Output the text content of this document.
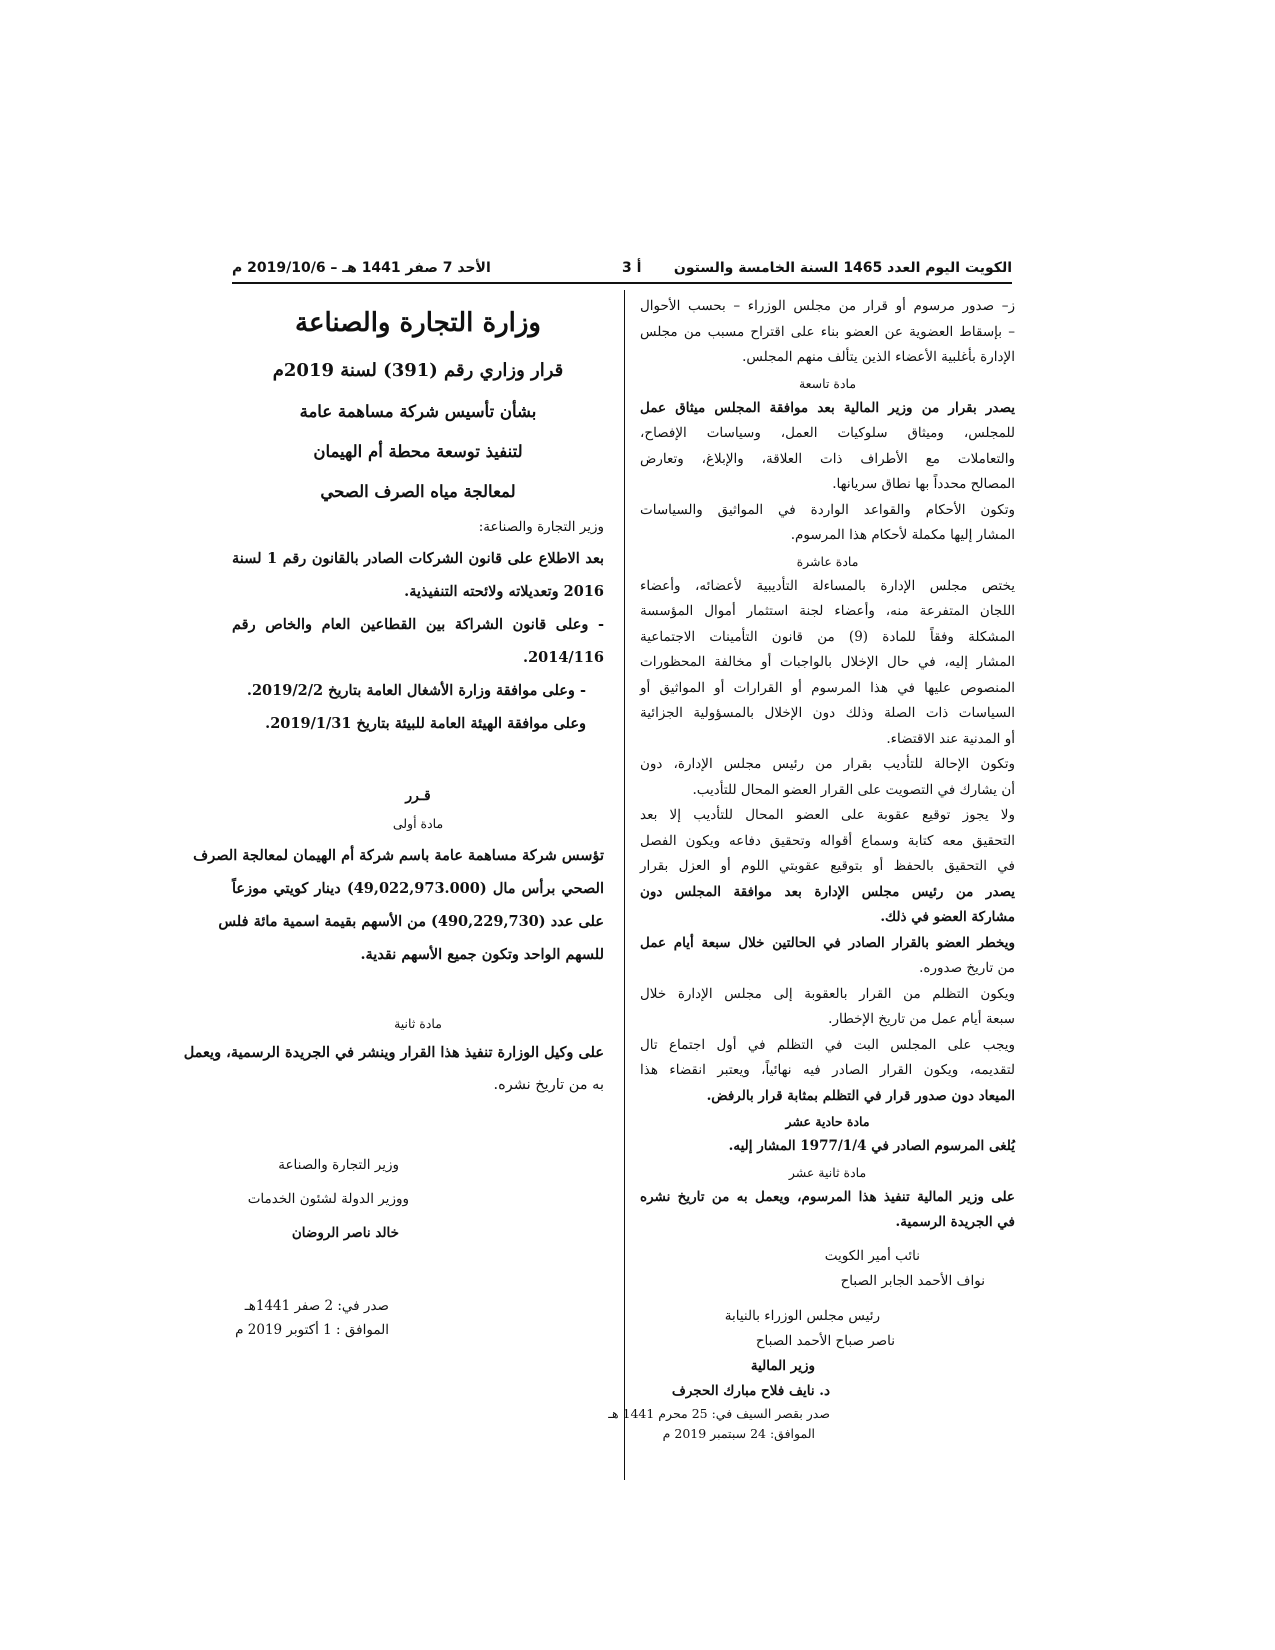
الكويت اليوم العدد 1465 السنة الخامسة والستون
أ 3
الأحد 7 صفر 1441 هـ – 2019/10/6 م
ز– صدور مرسوم أو قرار من مجلس الوزراء – بحسب الأحوال
– بإسقاط العضوية عن العضو بناء على اقتراح مسبب من مجلس
الإدارة بأغلبية الأعضاء الذين يتألف منهم المجلس.
مادة تاسعة
يصدر بقرار من وزير المالية بعد موافقة المجلس ميثاق عمل
للمجلس، وميثاق سلوكيات العمل، وسياسات الإفصاح،
والتعاملات مع الأطراف ذات العلاقة، والإبلاغ، وتعارض
المصالح محدداً بها نطاق سريانها.
وتكون الأحكام والقواعد الواردة في المواثيق والسياسات
المشار إليها مكملة لأحكام هذا المرسوم.
مادة عاشرة
يختص مجلس الإدارة بالمساءلة التأديبية لأعضائه، وأعضاء
اللجان المتفرعة منه، وأعضاء لجنة استثمار أموال المؤسسة
المشكلة وفقاً للمادة (9) من قانون التأمينات الاجتماعية
المشار إليه، في حال الإخلال بالواجبات أو مخالفة المحظورات
المنصوص عليها في هذا المرسوم أو القرارات أو المواثيق أو
السياسات ذات الصلة وذلك دون الإخلال بالمسؤولية الجزائية
أو المدنية عند الاقتضاء.
وتكون الإحالة للتأديب بقرار من رئيس مجلس الإدارة، دون
أن يشارك في التصويت على القرار العضو المحال للتأديب.
ولا يجوز توقيع عقوبة على العضو المحال للتأديب إلا بعد
التحقيق معه كتابة وسماع أقواله وتحقيق دفاعه ويكون الفصل
في التحقيق بالحفظ أو بتوقيع عقوبتي اللوم أو العزل بقرار
يصدر من رئيس مجلس الإدارة بعد موافقة المجلس دون
مشاركة العضو في ذلك.
ويخطر العضو بالقرار الصادر في الحالتين خلال سبعة أيام عمل
من تاريخ صدوره.
ويكون التظلم من القرار بالعقوبة إلى مجلس الإدارة خلال
سبعة أيام عمل من تاريخ الإخطار.
ويجب على المجلس البت في التظلم في أول اجتماع تال
لتقديمه، ويكون القرار الصادر فيه نهائياً، ويعتبر انقضاء هذا
الميعاد دون صدور قرار في التظلم بمثابة قرار بالرفض.
مادة حادية عشر
يُلغى المرسوم الصادر في 1977/1/4 المشار إليه.
مادة ثانية عشر
على وزير المالية تنفيذ هذا المرسوم، ويعمل به من تاريخ نشره
في الجريدة الرسمية.
نائب أمير الكويت
نواف الأحمد الجابر الصباح
رئيس مجلس الوزراء بالنيابة
ناصر صباح الأحمد الصباح
وزير المالية
د. نايف فلاح مبارك الحجرف
صدر بقصر السيف في: 25 محرم 1441 هـ
الموافق: 24 سبتمبر 2019 م
وزارة التجارة والصناعة
قرار وزاري رقم (391) لسنة 2019م
بشأن تأسيس شركة مساهمة عامة
لتنفيذ توسعة محطة أم الهيمان
لمعالجة مياه الصرف الصحي
وزير التجارة والصناعة:
بعد الاطلاع على قانون الشركات الصادر بالقانون رقم 1 لسنة
2016 وتعديلاته ولائحته التنفيذية.
- وعلى قانون الشراكة بين القطاعين العام والخاص رقم
2014/116.
- وعلى موافقة وزارة الأشغال العامة بتاريخ 2019/2/2.
وعلى موافقة الهيئة العامة للبيئة بتاريخ 2019/1/31.
قـرر
مادة أولى
تؤسس شركة مساهمة عامة باسم شركة أم الهيمان لمعالجة الصرف
الصحي برأس مال (49,022,973.000) دينار كويتي موزعاً
على عدد (490,229,730) من الأسهم بقيمة اسمية مائة فلس
للسهم الواحد وتكون جميع الأسهم نقدية.
مادة ثانية
على وكيل الوزارة تنفيذ هذا القرار وينشر في الجريدة الرسمية، ويعمل
به من تاريخ نشره.
وزير التجارة والصناعة
ووزير الدولة لشئون الخدمات
خالد ناصر الروضان
صدر في: 2 صفر 1441هـ
الموافق : 1 أكتوبر 2019 م
